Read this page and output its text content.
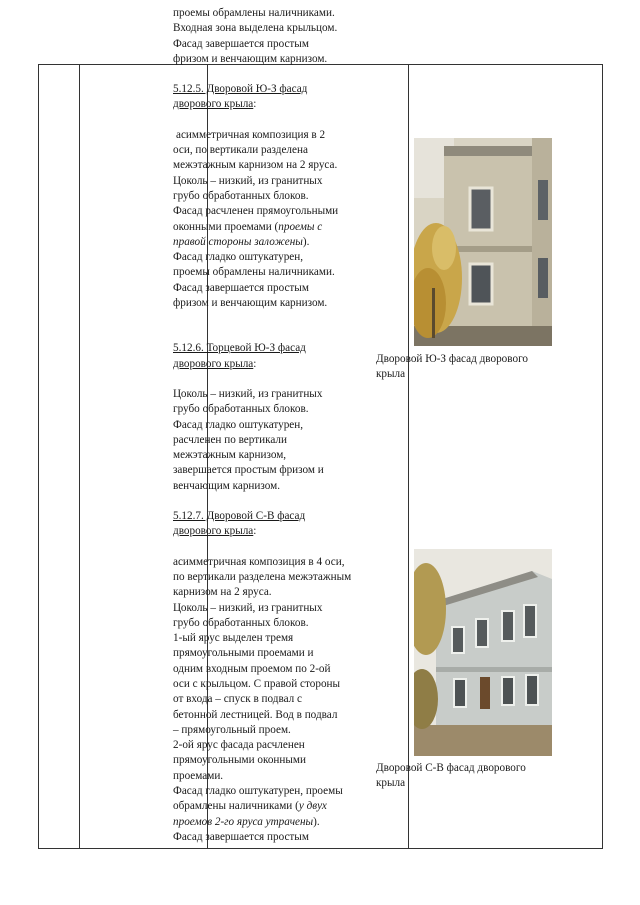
проемы обрамлены наличниками.

Входная зона выделена крыльцом.

Фасад завершается простым

фризом и венчающим карнизом.

5.12.5. Дворовой Ю-З фасад

дворового крыла:

асимметричная композиция в 2

оси, по вертикали разделена

межэтажным карнизом на 2 яруса.

Цоколь – низкий, из гранитных

грубо обработанных блоков.

Фасад расчленен прямоугольными

оконными проемами (проемы с

правой стороны заложены).

Фасад гладко оштукатурен,

проемы обрамлены наличниками.

Фасад завершается простым

фризом и венчающим карнизом.

5.12.6. Торцевой Ю-З фасад

дворового крыла:

Цоколь – низкий, из гранитных

грубо обработанных блоков.

Фасад гладко оштукатурен,

расчленен по вертикали

межэтажным карнизом,

завершается простым фризом и

венчающим карнизом.

5.12.7. Дворовой С-В фасад

дворового крыла:

асимметричная композиция в 4 оси,

по вертикали разделена межэтажным

карнизом на 2 яруса.

Цоколь – низкий, из гранитных

грубо обработанных блоков.

1-ый ярус выделен тремя

прямоугольными проемами и

одним входным проемом по 2-ой

оси с крыльцом. С правой стороны

от входа – спуск в подвал с

бетонной лестницей. Вод в подвал

– прямоугольный проем.

2-ой ярус фасада расчленен

прямоугольными оконными

проемами.

Фасад гладко оштукатурен, проемы

обрамлены наличниками (у двух

проемов 2-го яруса утрачены).

Фасад завершается простым

Дворовой Ю-З фасад дворового
крыла
Дворовой С-В фасад дворового
крыла
